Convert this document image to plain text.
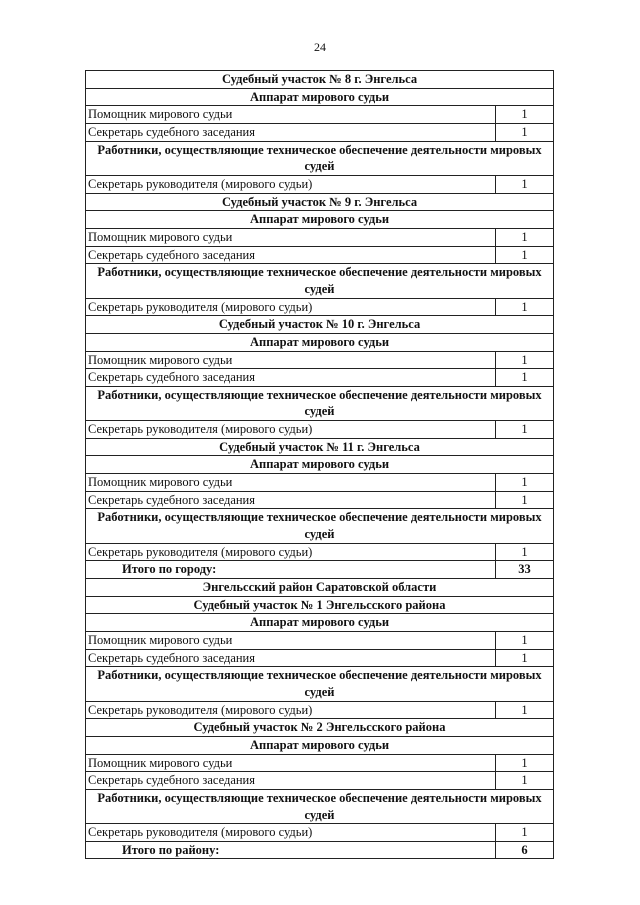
24
Судебный участок № 8 г. Энгельса	
Аппарат мирового судьи	
Помощник мирового судьи	1
Секретарь судебного заседания	1
Работники, осуществляющие техническое обеспечение деятельности мировых судей	
Секретарь руководителя (мирового судьи)	1
Судебный участок № 9 г. Энгельса	
Аппарат мирового судьи	
Помощник мирового судьи	1
Секретарь судебного заседания	1
Работники, осуществляющие техническое обеспечение деятельности мировых судей	
Секретарь руководителя (мирового судьи)	1
Судебный участок № 10 г. Энгельса	
Аппарат мирового судьи	
Помощник мирового судьи	1
Секретарь судебного заседания	1
Работники, осуществляющие техническое обеспечение деятельности мировых судей	
Секретарь руководителя (мирового судьи)	1
Судебный участок № 11 г. Энгельса	
Аппарат мирового судьи	
Помощник мирового судьи	1
Секретарь судебного заседания	1
Работники, осуществляющие техническое обеспечение деятельности мировых судей	
Секретарь руководителя (мирового судьи)	1
Итого по городу:	33
Энгельсский район Саратовской области	
Судебный участок № 1 Энгельсского района	
Аппарат мирового судьи	
Помощник мирового судьи	1
Секретарь судебного заседания	1
Работники, осуществляющие техническое обеспечение деятельности мировых судей	
Секретарь руководителя (мирового судьи)	1
Судебный участок № 2 Энгельсского района	
Аппарат мирового судьи	
Помощник мирового судьи	1
Секретарь судебного заседания	1
Работники, осуществляющие техническое обеспечение деятельности мировых судей	
Секретарь руководителя (мирового судьи)	1
Итого по району:	6
